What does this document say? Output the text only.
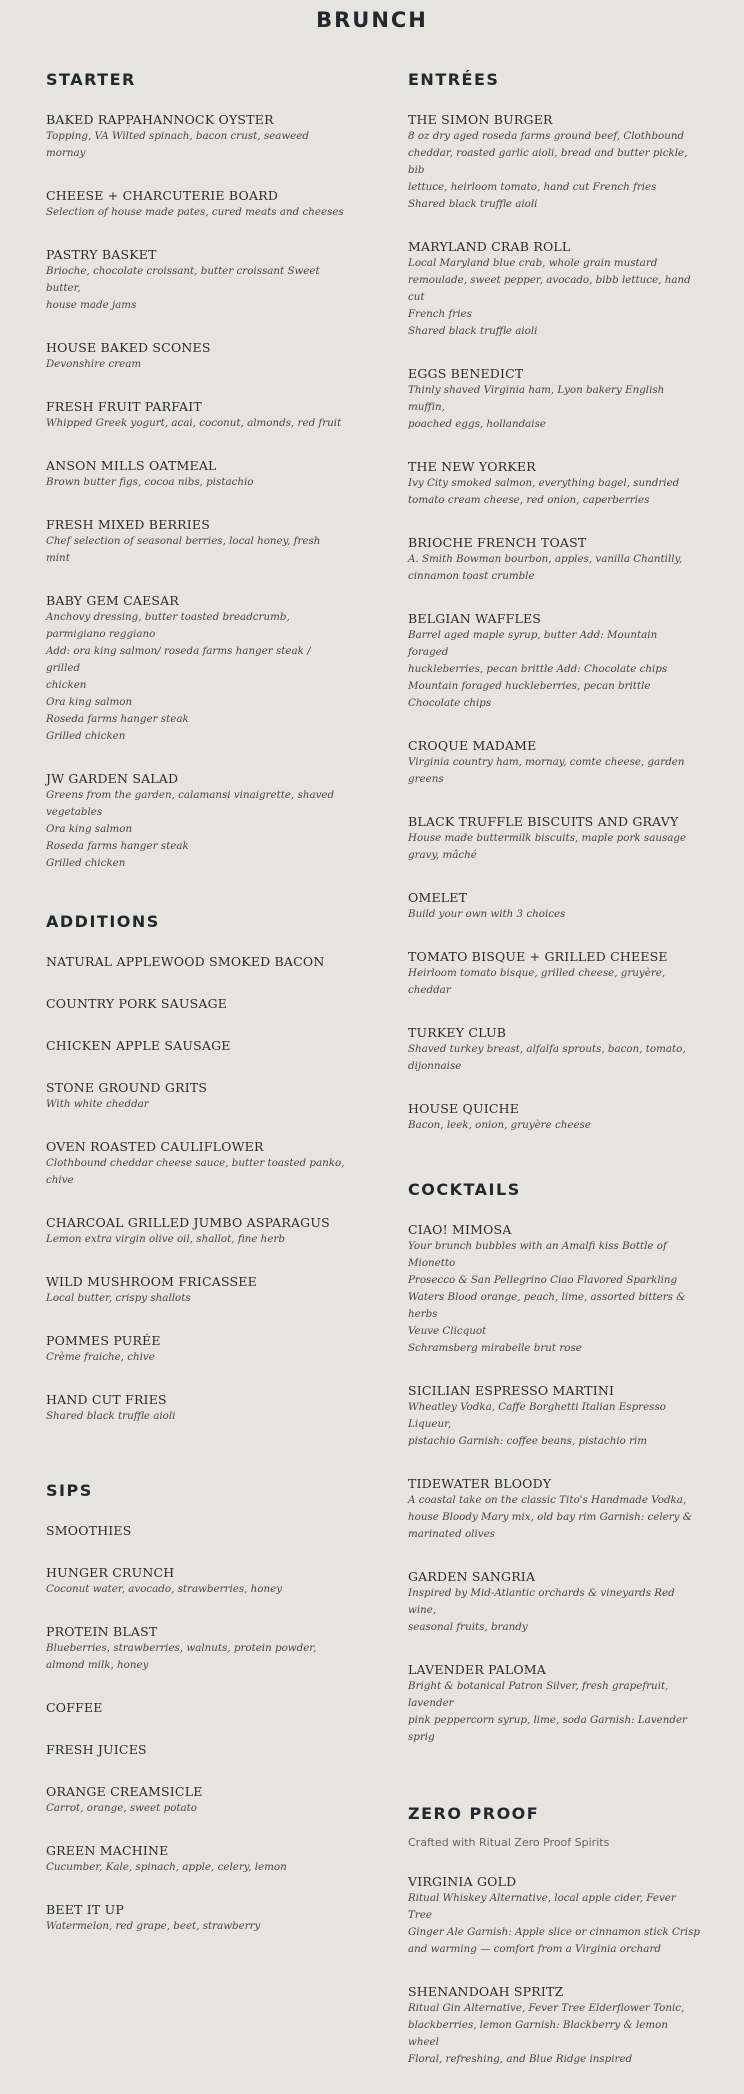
BRUNCH
STARTER
BAKED RAPPAHANNOCK OYSTER
Topping, VA Wilted spinach, bacon crust, seaweed
mornay
CHEESE + CHARCUTERIE BOARD
Selection of house made pates, cured meats and cheeses
PASTRY BASKET
Brioche, chocolate croissant, butter croissant Sweet butter,
house made jams
HOUSE BAKED SCONES
Devonshire cream
FRESH FRUIT PARFAIT
Whipped Greek yogurt, acai, coconut, almonds, red fruit
ANSON MILLS OATMEAL
Brown butter figs, cocoa nibs, pistachio
FRESH MIXED BERRIES
Chef selection of seasonal berries, local honey, fresh mint
BABY GEM CAESAR
Anchovy dressing, butter toasted breadcrumb,
parmigiano reggiano
Add: ora king salmon/ roseda farms hanger steak / grilled
chicken
Ora king salmon
Roseda farms hanger steak
Grilled chicken
JW GARDEN SALAD
Greens from the garden, calamansi vinaigrette, shaved
vegetables
Ora king salmon
Roseda farms hanger steak
Grilled chicken
ADDITIONS
NATURAL APPLEWOOD SMOKED BACON
COUNTRY PORK SAUSAGE
CHICKEN APPLE SAUSAGE
STONE GROUND GRITS
With white cheddar
OVEN ROASTED CAULIFLOWER
Clothbound cheddar cheese sauce, butter toasted panko,
chive
CHARCOAL GRILLED JUMBO ASPARAGUS
Lemon extra virgin olive oil, shallot, fine herb
WILD MUSHROOM FRICASSEE
Local butter, crispy shallots
POMMES PURÉE
Crème fraiche, chive
HAND CUT FRIES
Shared black truffle aioli
SIPS
SMOOTHIES
HUNGER CRUNCH
Coconut water, avocado, strawberries, honey
PROTEIN BLAST
Blueberries, strawberries, walnuts, protein powder,
almond milk, honey
COFFEE
FRESH JUICES
ORANGE CREAMSICLE
Carrot, orange, sweet potato
GREEN MACHINE
Cucumber, Kale, spinach, apple, celery, lemon
BEET IT UP
Watermelon, red grape, beet, strawberry
ENTRÉES
THE SIMON BURGER
8 oz dry aged roseda farms ground beef, Clothbound
cheddar, roasted garlic aioli, bread and butter pickle, bib
lettuce, heirloom tomato, hand cut French fries
Shared black truffle aioli
MARYLAND CRAB ROLL
Local Maryland blue crab, whole grain mustard
remoulade, sweet pepper, avocado, bibb lettuce, hand cut
French fries
Shared black truffle aioli
EGGS BENEDICT
Thinly shaved Virginia ham, Lyon bakery English muffin,
poached eggs, hollandaise
THE NEW YORKER
Ivy City smoked salmon, everything bagel, sundried
tomato cream cheese, red onion, caperberries
BRIOCHE FRENCH TOAST
A. Smith Bowman bourbon, apples, vanilla Chantilly,
cinnamon toast crumble
BELGIAN WAFFLES
Barrel aged maple syrup, butter Add: Mountain foraged
huckleberries, pecan brittle Add: Chocolate chips
Mountain foraged huckleberries, pecan brittle
Chocolate chips
CROQUE MADAME
Virginia country ham, mornay, comte cheese, garden
greens
BLACK TRUFFLE BISCUITS AND GRAVY
House made buttermilk biscuits, maple pork sausage
gravy, mâché
OMELET
Build your own with 3 choices
TOMATO BISQUE + GRILLED CHEESE
Heirloom tomato bisque, grilled cheese, gruyère, cheddar
TURKEY CLUB
Shaved turkey breast, alfalfa sprouts, bacon, tomato,
dijonnaise
HOUSE QUICHE
Bacon, leek, onion, gruyère cheese
COCKTAILS
CIAO! MIMOSA
Your brunch bubbles with an Amalfi kiss Bottle of Mionetto
Prosecco & San Pellegrino Ciao Flavored Sparkling
Waters Blood orange, peach, lime, assorted bitters & herbs
Veuve Clicquot
Schramsberg mirabelle brut rose
SICILIAN ESPRESSO MARTINI
Wheatley Vodka, Caffe Borghetti Italian Espresso Liqueur,
pistachio Garnish: coffee beans, pistachio rim
TIDEWATER BLOODY
A coastal take on the classic Tito's Handmade Vodka,
house Bloody Mary mix, old bay rim Garnish: celery &
marinated olives
GARDEN SANGRIA
Inspired by Mid-Atlantic orchards & vineyards Red wine,
seasonal fruits, brandy
LAVENDER PALOMA
Bright & botanical Patron Silver, fresh grapefruit, lavender
pink peppercorn syrup, lime, soda Garnish: Lavender sprig
ZERO PROOF
Crafted with Ritual Zero Proof Spirits
VIRGINIA GOLD
Ritual Whiskey Alternative, local apple cider, Fever Tree
Ginger Ale Garnish: Apple slice or cinnamon stick Crisp
and warming — comfort from a Virginia orchard
SHENANDOAH SPRITZ
Ritual Gin Alternative, Fever Tree Elderflower Tonic,
blackberries, lemon Garnish: Blackberry & lemon wheel
Floral, refreshing, and Blue Ridge inspired
